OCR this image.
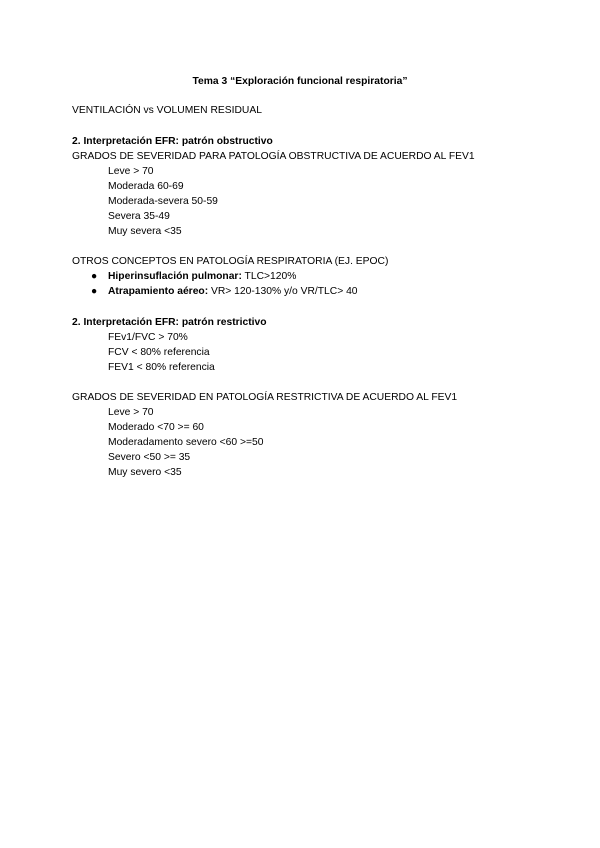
Tema 3 “Exploración funcional respiratoria”
VENTILACIÓN vs VOLUMEN RESIDUAL
2. Interpretación EFR: patrón obstructivo
GRADOS DE SEVERIDAD PARA PATOLOGÍA OBSTRUCTIVA DE ACUERDO AL FEV1
Leve > 70
Moderada 60-69
Moderada-severa 50-59
Severa 35-49
Muy severa <35
OTROS CONCEPTOS EN PATOLOGÍA RESPIRATORIA (EJ. EPOC)
● Hiperinsuflación pulmonar: TLC>120%
● Atrapamiento aéreo: VR> 120-130% y/o VR/TLC> 40
2. Interpretación EFR: patrón restrictivo
FEv1/FVC > 70%
FCV < 80% referencia
FEV1 < 80% referencia
GRADOS DE SEVERIDAD EN PATOLOGÍA RESTRICTIVA DE ACUERDO AL FEV1
Leve > 70
Moderado <70 >= 60
Moderadamento severo <60 >=50
Severo <50 >= 35
Muy severo <35
